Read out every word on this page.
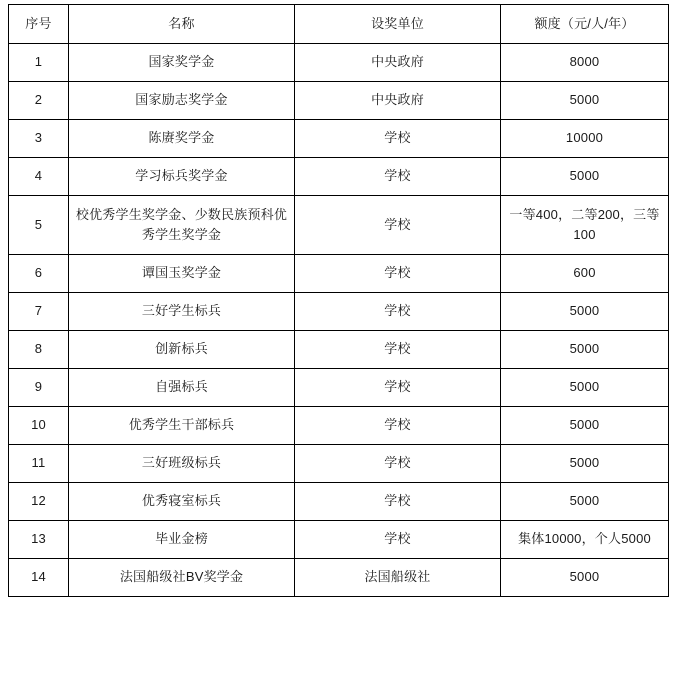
序号	名称	设奖单位	额度（元/人/年）
1	国家奖学金	中央政府	8000
2	国家励志奖学金	中央政府	5000
3	陈赓奖学金	学校	10000
4	学习标兵奖学金	学校	5000
5	校优秀学生奖学金、少数民族预科优秀学生奖学金	学校	一等400，二等200，三等100
6	谭国玉奖学金	学校	600
7	三好学生标兵	学校	5000
8	创新标兵	学校	5000
9	自强标兵	学校	5000
10	优秀学生干部标兵	学校	5000
11	三好班级标兵	学校	5000
12	优秀寝室标兵	学校	5000
13	毕业金榜	学校	集体10000，个人5000
14	法国船级社BV奖学金	法国船级社	5000
